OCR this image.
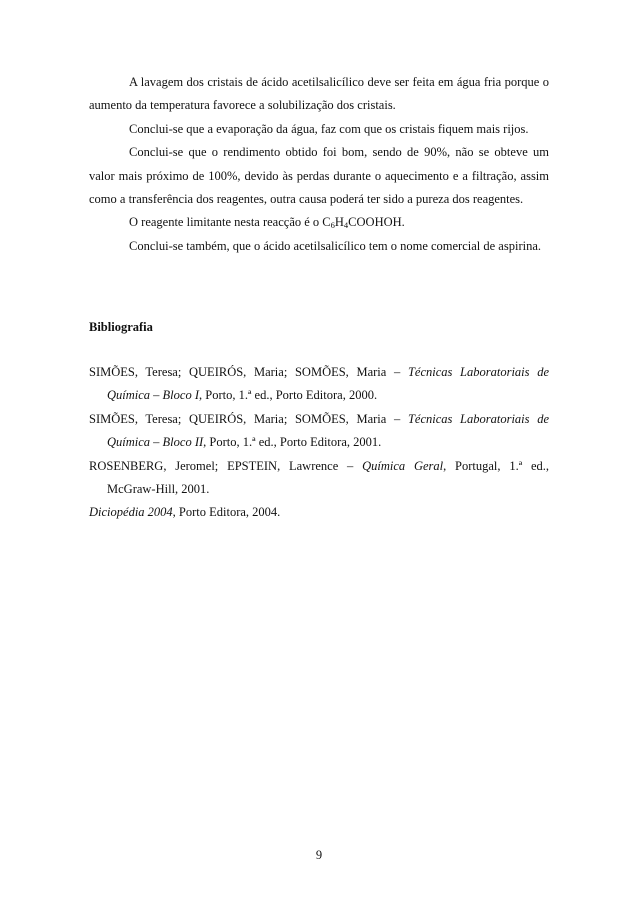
A lavagem dos cristais de ácido acetilsalicílico deve ser feita em água fria porque o aumento da temperatura favorece a solubilização dos cristais.

Conclui-se que a evaporação da água, faz com que os cristais fiquem mais rijos.

Conclui-se que o rendimento obtido foi bom, sendo de 90%, não se obteve um valor mais próximo de 100%, devido às perdas durante o aquecimento e a filtração, assim como a transferência dos reagentes, outra causa poderá ter sido a pureza dos reagentes.

O reagente limitante nesta reacção é o $C_6H_4COOHOH$.

Conclui-se também, que o ácido acetilsalicílico tem o nome comercial de aspirina.

Bibliografia

SIMÕES, Teresa; QUEIRÓS, Maria; SOMÕES, Maria – Técnicas Laboratoriais de Química – Bloco I, Porto, 1.ª ed., Porto Editora, 2000.

SIMÕES, Teresa; QUEIRÓS, Maria; SOMÕES, Maria – Técnicas Laboratoriais de Química – Bloco II, Porto, 1.ª ed., Porto Editora, 2001.

ROSENBERG, Jeromel; EPSTEIN, Lawrence – Química Geral, Portugal, 1.ª ed., McGraw-Hill, 2001.

Diciopédia 2004, Porto Editora, 2004.

9
